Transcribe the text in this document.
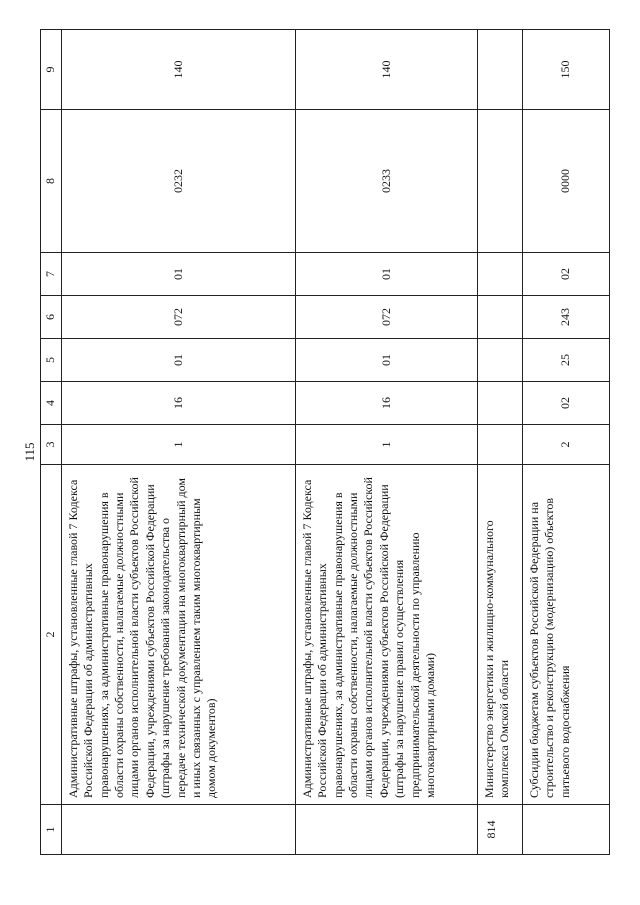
115
1	2	3	4	5	6	7	8	9
	Административные штрафы, установленные главой 7 Кодекса Российской Федерации об административных правонарушениях, за административные правонарушения в области охраны собственности, налагаемые должностными лицами органов исполнительной власти субъектов Российской Федерации, учреждениями субъектов Российской Федерации (штрафы за нарушение требований законодательства о передаче технической документации на многоквартирный дом и иных связанных с управлением таким многоквартирным домом документов)	1	16	01	072	01	0232	140
	Административные штрафы, установленные главой 7 Кодекса Российской Федерации об административных правонарушениях, за административные правонарушения в области охраны собственности, налагаемые должностными лицами органов исполнительной власти субъектов Российской Федерации, учреждениями субъектов Российской Федерации (штрафы за нарушение правил осуществления предпринимательской деятельности по управлению многоквартирными домами)	1	16	01	072	01	0233	140
814	Министерство энергетики и жилищно-коммунального комплекса Омской области							
	Субсидии бюджетам субъектов Российской Федерации на строительство и реконструкцию (модернизацию) объектов питьевого водоснабжения	2	02	25	243	02	0000	150
